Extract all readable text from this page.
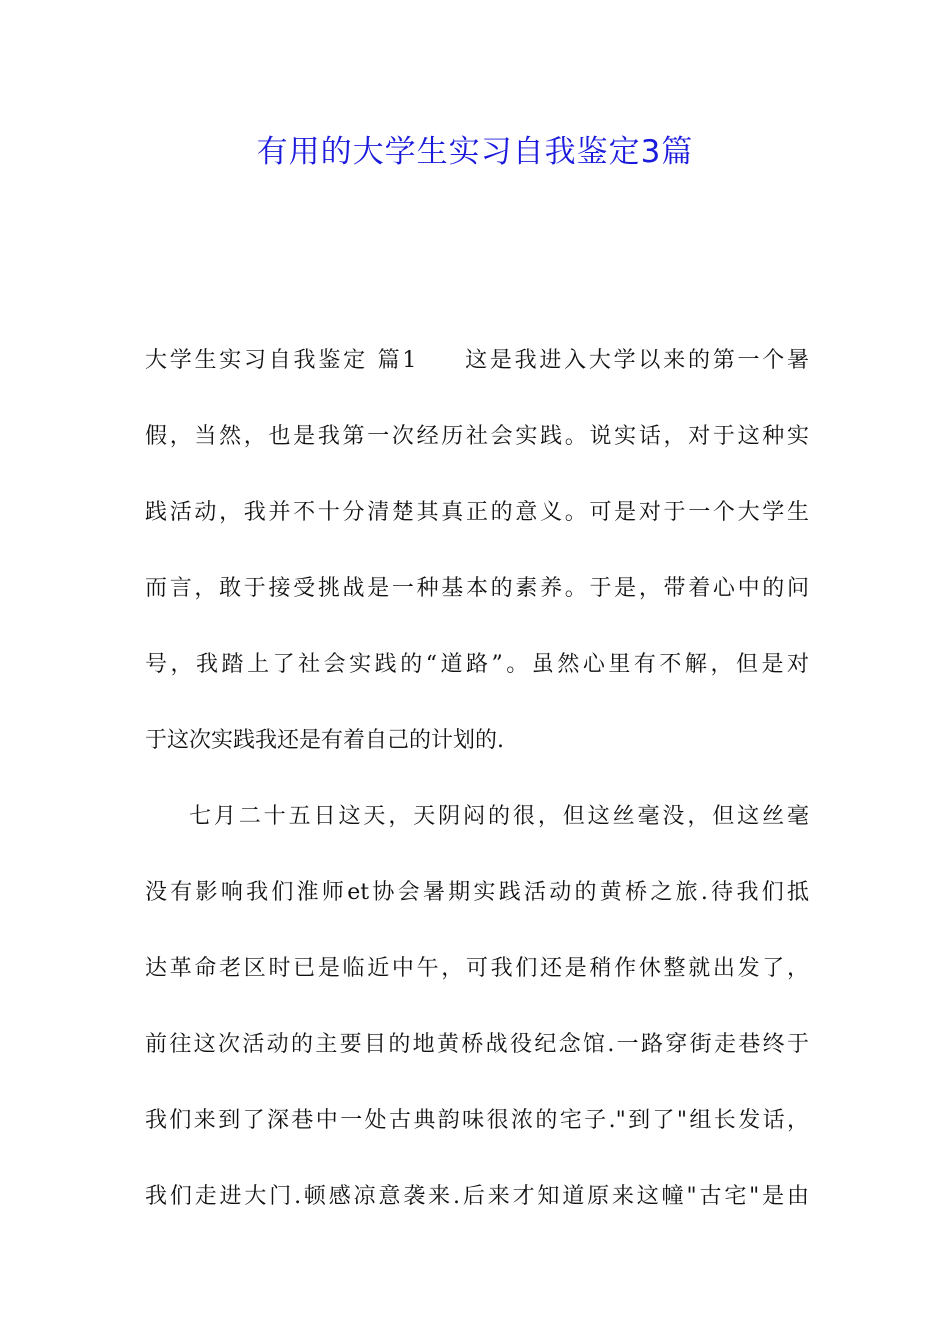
有用的大学生实习自我鉴定3篇
大学生实习自我鉴定 篇1 这是我进入大学以来的第一个暑
假，当然，也是我第一次经历社会实践。说实话，对于这种实
践活动，我并不十分清楚其真正的意义。可是对于一个大学生
而言，敢于接受挑战是一种基本的素养。于是，带着心中的问
号，我踏上了社会实践的“道路”。虽然心里有不解，但是对
于这次实践我还是有着自己的计划的.
七月二十五日这天，天阴闷的很，但这丝毫没，但这丝毫
没有影响我们淮师et协会暑期实践活动的黄桥之旅.待我们抵
达革命老区时已是临近中午，可我们还是稍作休整就出发了，
前往这次活动的主要目的地黄桥战役纪念馆.一路穿街走巷终于
我们来到了深巷中一处古典韵味很浓的宅子."到了"组长发话，
我们走进大门.顿感凉意袭来.后来才知道原来这幢"古宅"是由
